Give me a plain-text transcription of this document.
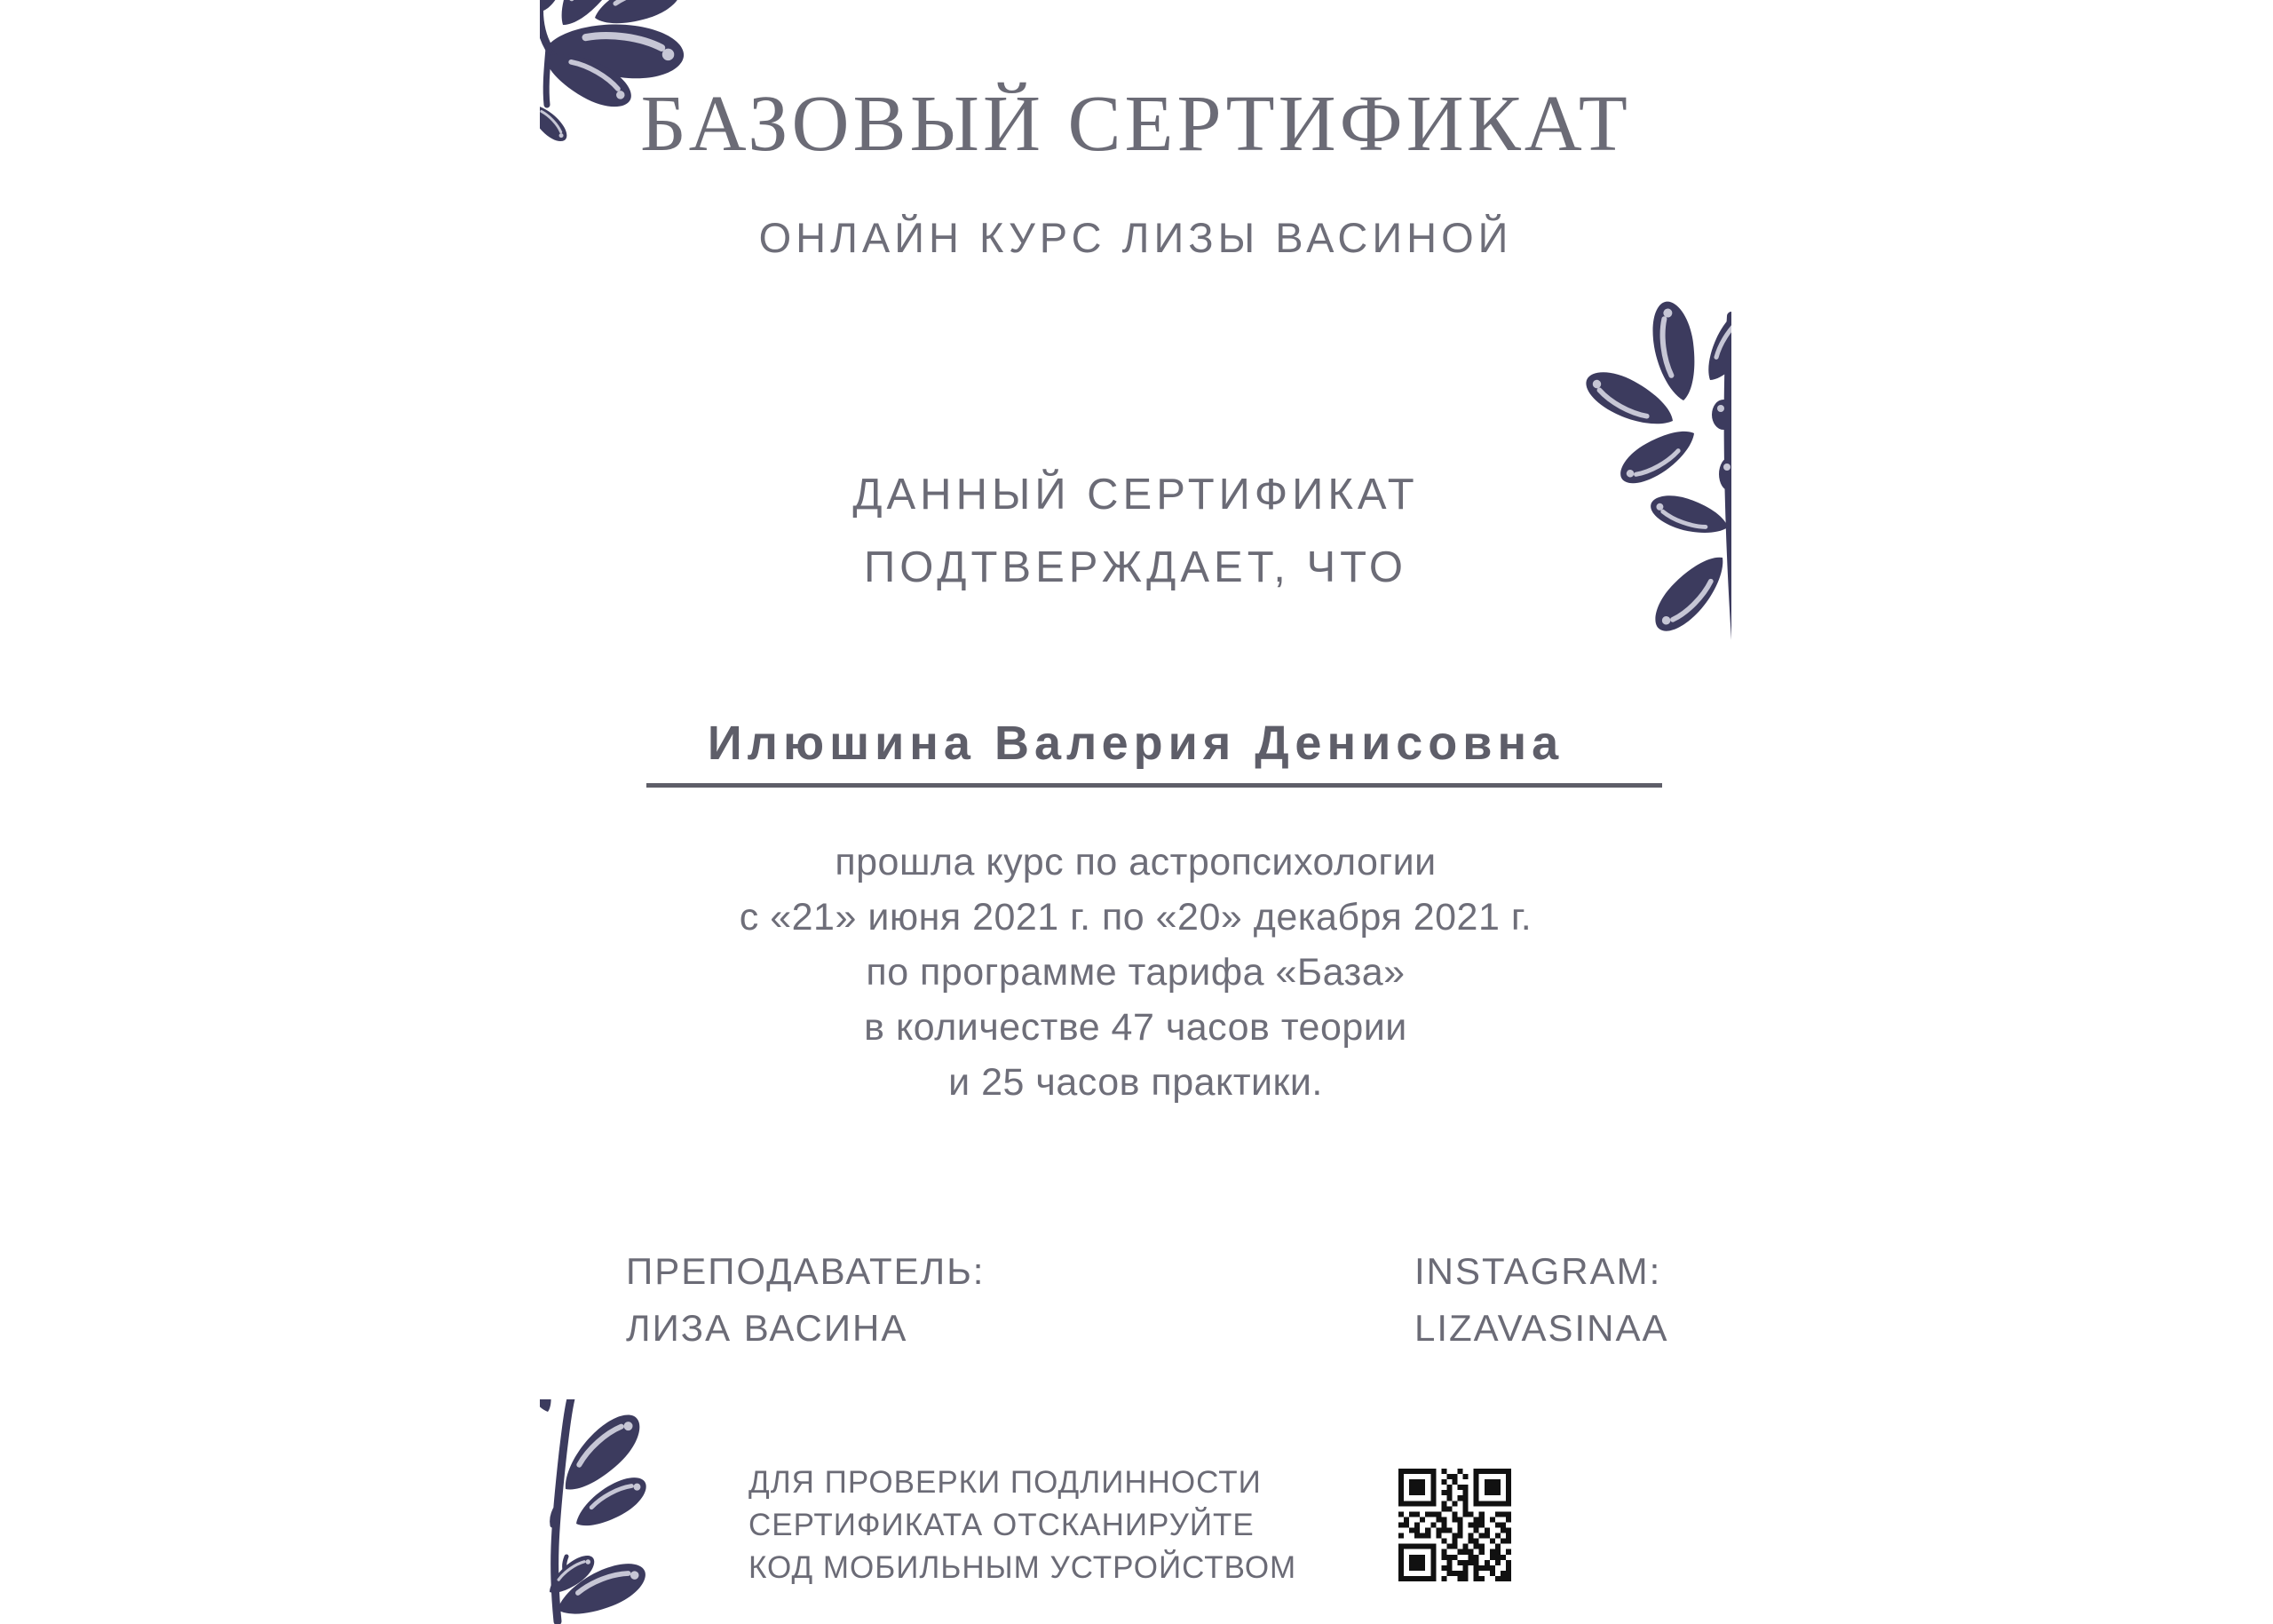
БАЗОВЫЙ СЕРТИФИКАТ
ОНЛАЙН КУРС ЛИЗЫ ВАСИНОЙ
ДАННЫЙ СЕРТИФИКАТ
ПОДТВЕРЖДАЕТ, ЧТО
Илюшина Валерия Денисовна
прошла курс по астропсихологии
с «21» июня 2021 г. по «20» декабря 2021 г.
по программе тарифа «База»
в количестве 47 часов теории
и 25 часов практики.
ПРЕПОДАВАТЕЛЬ:
ЛИЗА ВАСИНА
INSTAGRAM:
LIZAVASINAA
ДЛЯ ПРОВЕРКИ ПОДЛИННОСТИ
СЕРТИФИКАТА ОТСКАНИРУЙТЕ
КОД МОБИЛЬНЫМ УСТРОЙСТВОМ
